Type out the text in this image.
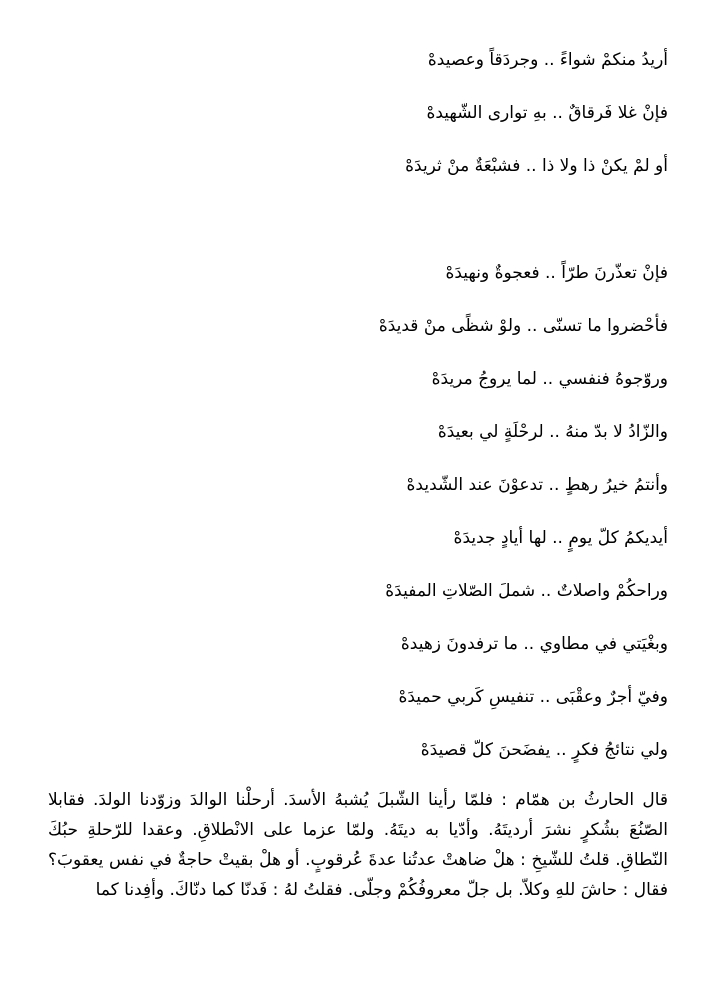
أريدُ منكمْ شواءً .. وجردَقاً وعصيدهْ
فإنْ غلا فَرقاقٌ .. بهِ توارى الشّهيدهْ
أو لمْ يكنْ ذا ولا ذا .. فشبْعَةٌ منْ ثريدَهْ
فإنْ تعذّرنَ طرّاً .. فعجوةٌ ونهيدَهْ
فأحْضروا ما تسنّى .. ولوْ شظًى منْ قديدَهْ
وروّجوهُ فنفسي .. لما يروجُ مريدَهْ
والزّادُ لا بدّ منهُ .. لرحْلَةٍ لي بعيدَهْ
وأنتمُ خيرُ رهطٍ .. تدعوْنَ عند الشّديدهْ
أيديكمُ كلّ يومٍ .. لها أيادٍ جديدَهْ
وراحكُمْ واصلاتٌ .. شملَ الصّلاتِ المفيدَهْ
وبغْيَتي في مطاوي .. ما ترفدونَ زهيدهْ
وفيّ أجرٌ وعقْبَى .. تنفيسِ كَربي حميدَهْ
ولي نتائجُ فكرٍ .. يفضَحنَ كلّ قصيدَهْ
قال الحارثُ بن همّام : فلمّا رأينا الشّبلَ يُشبهُ الأسدَ. أرحلْنا الوالدَ وزوّدنا الولدَ. فقابلا الصّنُعَ بشُكرٍ نشرَ أرديتَهُ. وأدّيا به ديتَهُ. ولمّا عزما على الانْطلاقِ. وعقدا للرّحلةِ حبُكَ النّطاقِ. قلتُ للشّيخِ : هلْ ضاهتْ عدتُنا عدةَ عُرقوبٍ. أو هلْ بقيتْ حاجةٌ في نفس يعقوبَ؟ فقال : حاشَ للهِ وكلاّ. بل جلّ معروفُكُمْ وجلّى. فقلتُ لهُ : فَدنّا كما دنّاكَ. وأفِدنا كما
